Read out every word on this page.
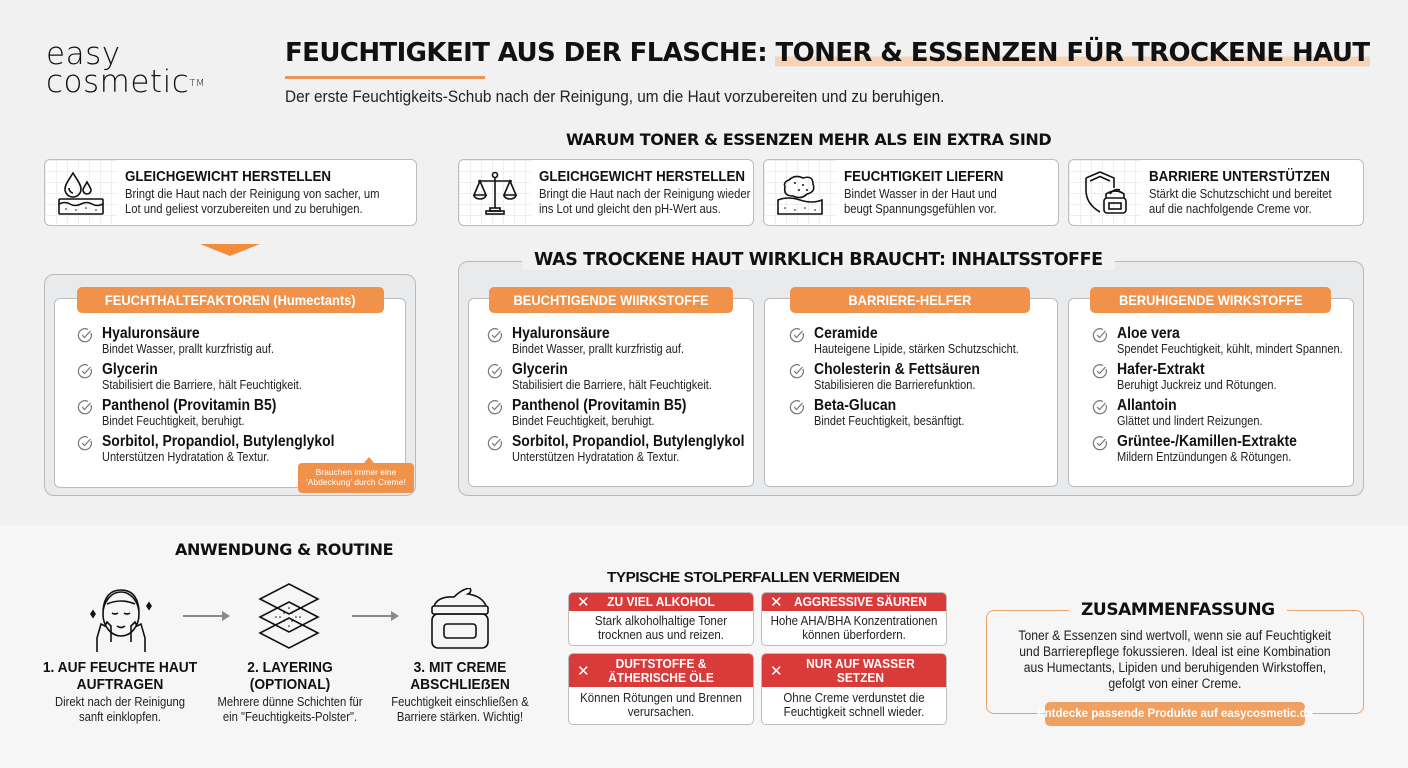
easy
cosmetic™
FEUCHTIGKEIT AUS DER FLASCHE: TONER & ESSENZEN FÜR TROCKENE HAUT
Der erste Feuchtigkeits-Schub nach der Reinigung, um die Haut vorzubereiten und zu beruhigen.
WARUM TONER & ESSENZEN MEHR ALS EIN EXTRA SIND
GLEICHGEWICHT HERSTELLEN
Bringt die Haut nach der Reinigung von sacher, um
Lot und geliest vorzubereiten und zu beruhigen.
GLEICHGEWICHT HERSTELLEN
Bringt die Haut nach der Reinigung wieder
ins Lot und gleicht den pH-Wert aus.
FEUCHTIGKEIT LIEFERN
Bindet Wasser in der Haut und
beugt Spannungsgefühlen vor.
BARRIERE UNTERSTÜTZEN
Stärkt die Schutzschicht und bereitet
auf die nachfolgende Creme vor.
FEUCHTHALTEFAKTOREN (Humectants)
Hyaluronsäure
Bindet Wasser, prallt kurzfristig auf.
Glycerin
Stabilisiert die Barriere, hält Feuchtigkeit.
Panthenol (Provitamin B5)
Bindet Feuchtigkeit, beruhigt.
Sorbitol, Propandiol, Butylenglykol
Unterstützen Hydratation & Textur.
Brauchen immer eine
'Abdeckung' durch Creme!
WAS TROCKENE HAUT WIRKLICH BRAUCHT: INHALTSSTOFFE
BEUCHTIGENDE WIIRKSTOFFE
Hyaluronsäure
Bindet Wasser, prallt kurzfristig auf.
Glycerin
Stabilisiert die Barriere, hält Feuchtigkeit.
Panthenol (Provitamin B5)
Bindet Feuchtigkeit, beruhigt.
Sorbitol, Propandiol, Butylenglykol
Unterstützen Hydratation & Textur.
BARRIERE-HELFER
Ceramide
Hauteigene Lipide, stärken Schutzschicht.
Cholesterin & Fettsäuren
Stabilisieren die Barrierefunktion.
Beta-Glucan
Bindet Feuchtigkeit, besänftigt.
BERUHIGENDE WIRKSTOFFE
Aloe vera
Spendet Feuchtigkeit, kühlt, mindert Spannen.
Hafer-Extrakt
Beruhigt Juckreiz und Rötungen.
Allantoin
Glättet und lindert Reizungen.
Grüntee-/Kamillen-Extrakte
Mildern Entzündungen & Rötungen.
ANWENDUNG & ROUTINE
1. AUF FEUCHTE HAUT
AUFTRAGEN
Direkt nach der Reinigung
sanft einklopfen.
2. LAYERING
(OPTIONAL)
Mehrere dünne Schichten für
ein "Feuchtigkeits-Polster".
3. MIT CREME
ABSCHLIEẞEN
Feuchtigkeit einschließen &
Barriere stärken. Wichtig!
TYPISCHE STOLPERFALLEN VERMEIDEN
✕	ZU VIEL ALKOHOL
Stark alkoholhaltige Toner
trocknen aus und reizen.
✕ AGGRESSIVE SÄUREN
Hohe AHA/BHA Konzentrationen
können überfordern.
✕	DUFTSTOFFE &
ÄTHERISCHE ÖLE
Können Rötungen und Brennen
verursachen.
✕	NUR AUF WASSER SETZEN
Ohne Creme verdunstet die
Feuchtigkeit schnell wieder.
ZUSAMMENFASSUNG
Toner & Essenzen sind wertvoll, wenn sie auf Feuchtigkeit
und Barrierepflege fokussieren. Ideal ist eine Kombination
aus Humectants, Lipiden und beruhigenden Wirkstoffen,
gefolgt von einer Creme.
Entdecke passende Produkte auf easycosmetic.de
